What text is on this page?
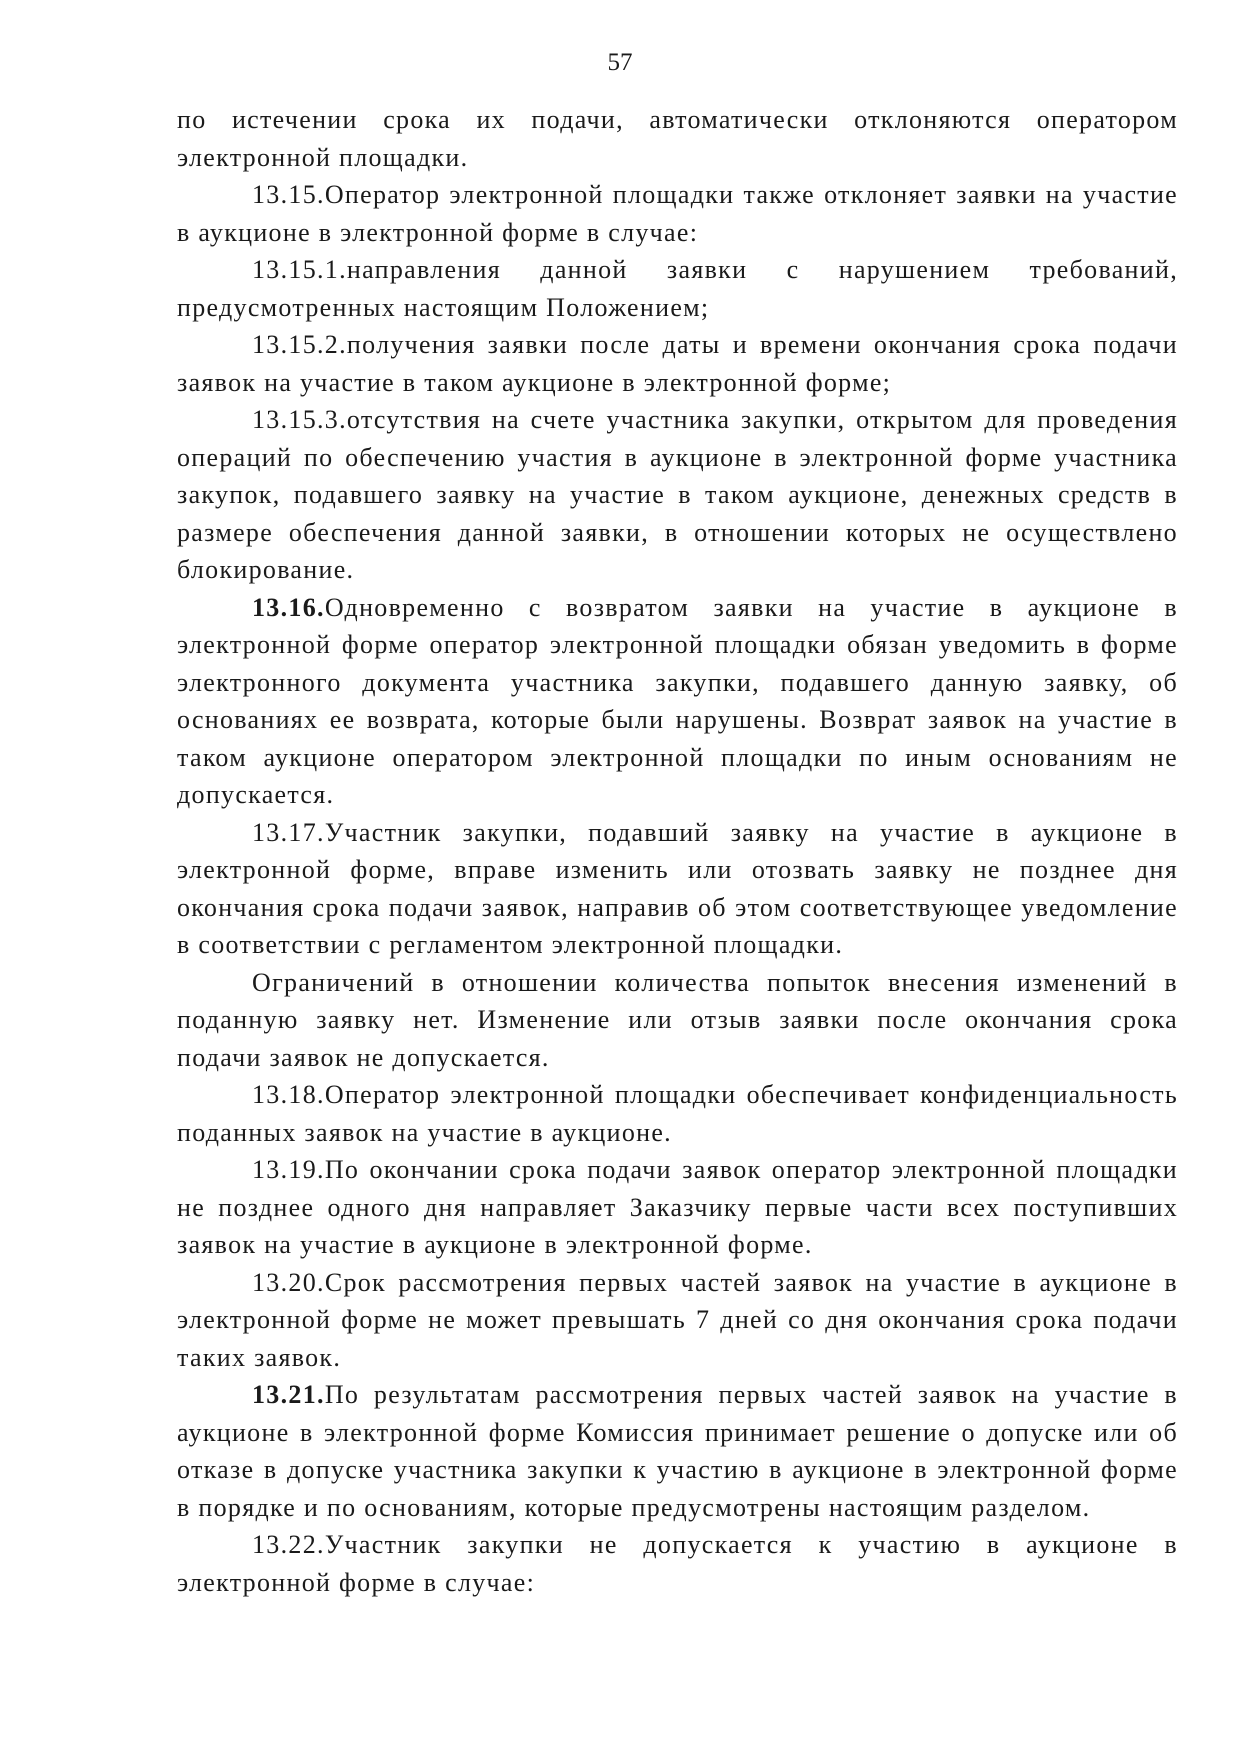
57

по истечении срока их подачи, автоматически отклоняются оператором электронной площадки.

13.15.Оператор электронной площадки также отклоняет заявки на участие в аукционе в электронной форме в случае:

13.15.1.направления данной заявки с нарушением требований, предусмотренных настоящим Положением;

13.15.2.получения заявки после даты и времени окончания срока подачи заявок на участие в таком аукционе в электронной форме;

13.15.3.отсутствия на счете участника закупки, открытом для проведения операций по обеспечению участия в аукционе в электронной форме участника закупок, подавшего заявку на участие в таком аукционе, денежных средств в размере обеспечения данной заявки, в отношении которых не осуществлено блокирование.

13.16.Одновременно с возвратом заявки на участие в аукционе в электронной форме оператор электронной площадки обязан уведомить в форме электронного документа участника закупки, подавшего данную заявку, об основаниях ее возврата, которые были нарушены. Возврат заявок на участие в таком аукционе оператором электронной площадки по иным основаниям не допускается.

13.17.Участник закупки, подавший заявку на участие в аукционе в электронной форме, вправе изменить или отозвать заявку не позднее дня окончания срока подачи заявок, направив об этом соответствующее уведомление в соответствии с регламентом электронной площадки.

Ограничений в отношении количества попыток внесения изменений в поданную заявку нет. Изменение или отзыв заявки после окончания срока подачи заявок не допускается.

13.18.Оператор электронной площадки обеспечивает конфиденциальность поданных заявок на участие в аукционе.

13.19.По окончании срока подачи заявок оператор электронной площадки не позднее одного дня направляет Заказчику первые части всех поступивших заявок на участие в аукционе в электронной форме.

13.20.Срок рассмотрения первых частей заявок на участие в аукционе в электронной форме не может превышать 7 дней со дня окончания срока подачи таких заявок.

13.21.По результатам рассмотрения первых частей заявок на участие в аукционе в электронной форме Комиссия принимает решение о допуске или об отказе в допуске участника закупки к участию в аукционе в электронной форме в порядке и по основаниям, которые предусмотрены настоящим разделом.

13.22.Участник закупки не допускается к участию в аукционе в электронной форме в случае:
